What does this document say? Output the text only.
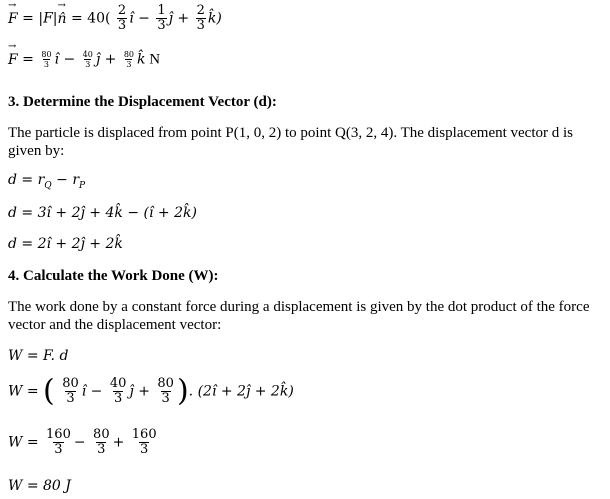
→ F = |F|→ n̂ = $40( \frac{2}{3}$ î − $\frac{1}{3}$ ĵ + $\frac{2}{3}$ k̂)
→ $F = \frac{80}{3}$ î − $\frac{40}{3}$ ĵ + $\frac{80}{3}$ k̂ N
3. Determine the Displacement Vector (d):
The particle is displaced from point P(1, 0, 2) to point Q(3, 2, 4). The displacement vector d is given by:
$d = r_Q - r_P$
d = 3î + 2ĵ + 4k̂ − (î + 2k̂)
d = 2î + 2ĵ + 2k̂
4. Calculate the Work Done (W):
The work done by a constant force during a displacement is given by the dot product of the force vector and the displacement vector:
W = F. d
W = ( $\frac{80}{3}$ î − $\frac{40}{3}$ ĵ + $\frac{80}{3}$ ). (2î + 2ĵ + 2k̂)
$W = \frac{160}{3} - \frac{80}{3} + \frac{160}{3}$
W = 80 J
